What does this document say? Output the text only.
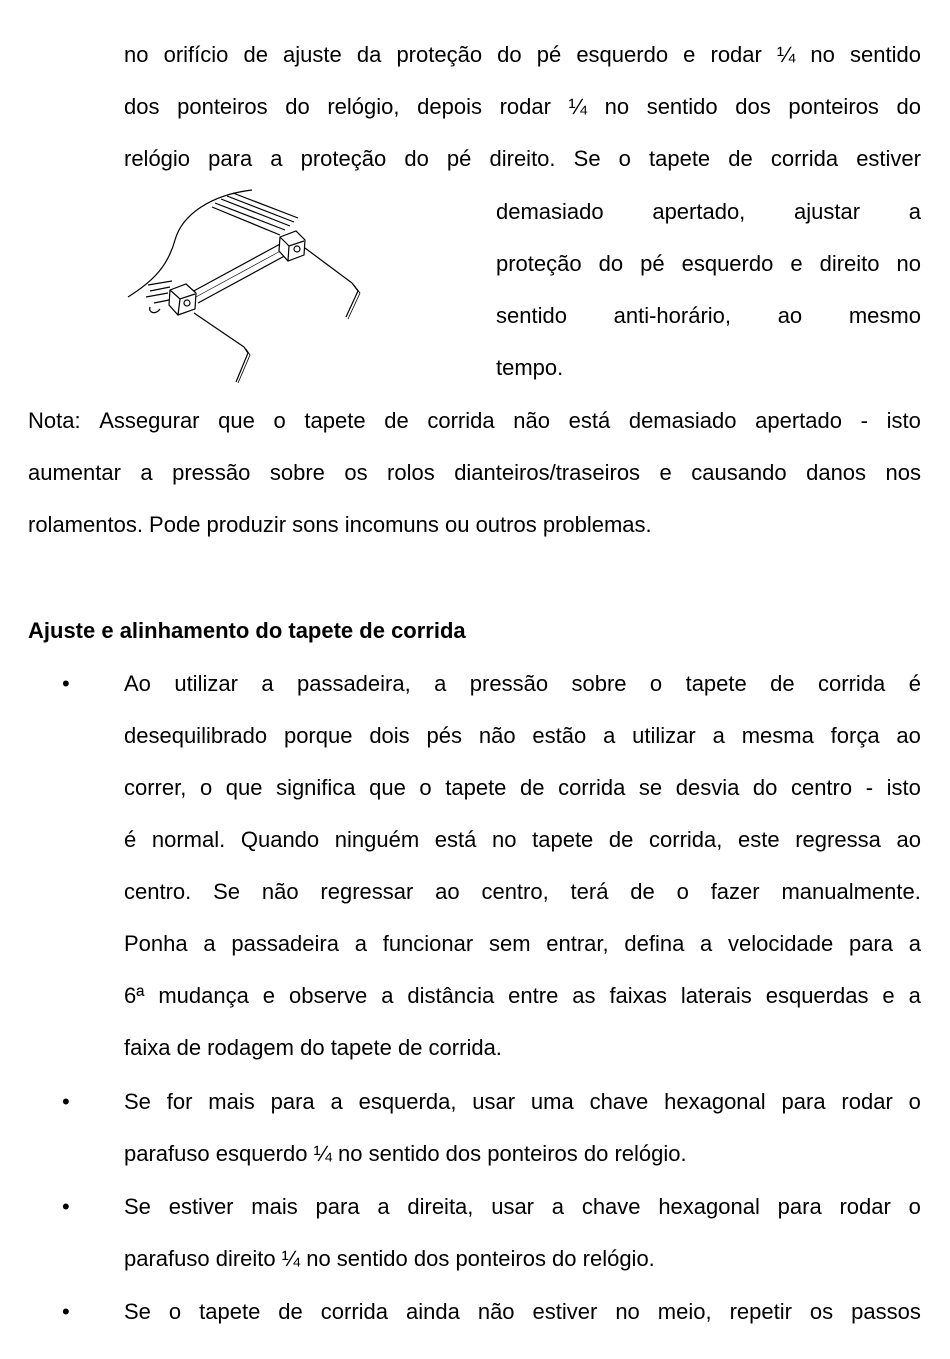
no orifício de ajuste da proteção do pé esquerdo e rodar ¼ no sentido
dos ponteiros do relógio, depois rodar ¼ no sentido dos ponteiros do
relógio para a proteção do pé direito. Se o tapete de corrida estiver
demasiado apertado, ajustar a
proteção do pé esquerdo e direito no
sentido anti-horário, ao mesmo
tempo.
Nota: Assegurar que o tapete de corrida não está demasiado apertado - isto
aumentar a pressão sobre os rolos dianteiros/traseiros e causando danos nos
rolamentos. Pode produzir sons incomuns ou outros problemas.
Ajuste e alinhamento do tapete de corrida
• Ao utilizar a passadeira, a pressão sobre o tapete de corrida é
desequilibrado porque dois pés não estão a utilizar a mesma força ao
correr, o que significa que o tapete de corrida se desvia do centro - isto
é normal. Quando ninguém está no tapete de corrida, este regressa ao
centro. Se não regressar ao centro, terá de o fazer manualmente.
Ponha a passadeira a funcionar sem entrar, defina a velocidade para a
6ª mudança e observe a distância entre as faixas laterais esquerdas e a
faixa de rodagem do tapete de corrida.
• Se for mais para a esquerda, usar uma chave hexagonal para rodar o
parafuso esquerdo ¼ no sentido dos ponteiros do relógio.
• Se estiver mais para a direita, usar a chave hexagonal para rodar o
parafuso direito ¼ no sentido dos ponteiros do relógio.
• Se o tapete de corrida ainda não estiver no meio, repetir os passos
